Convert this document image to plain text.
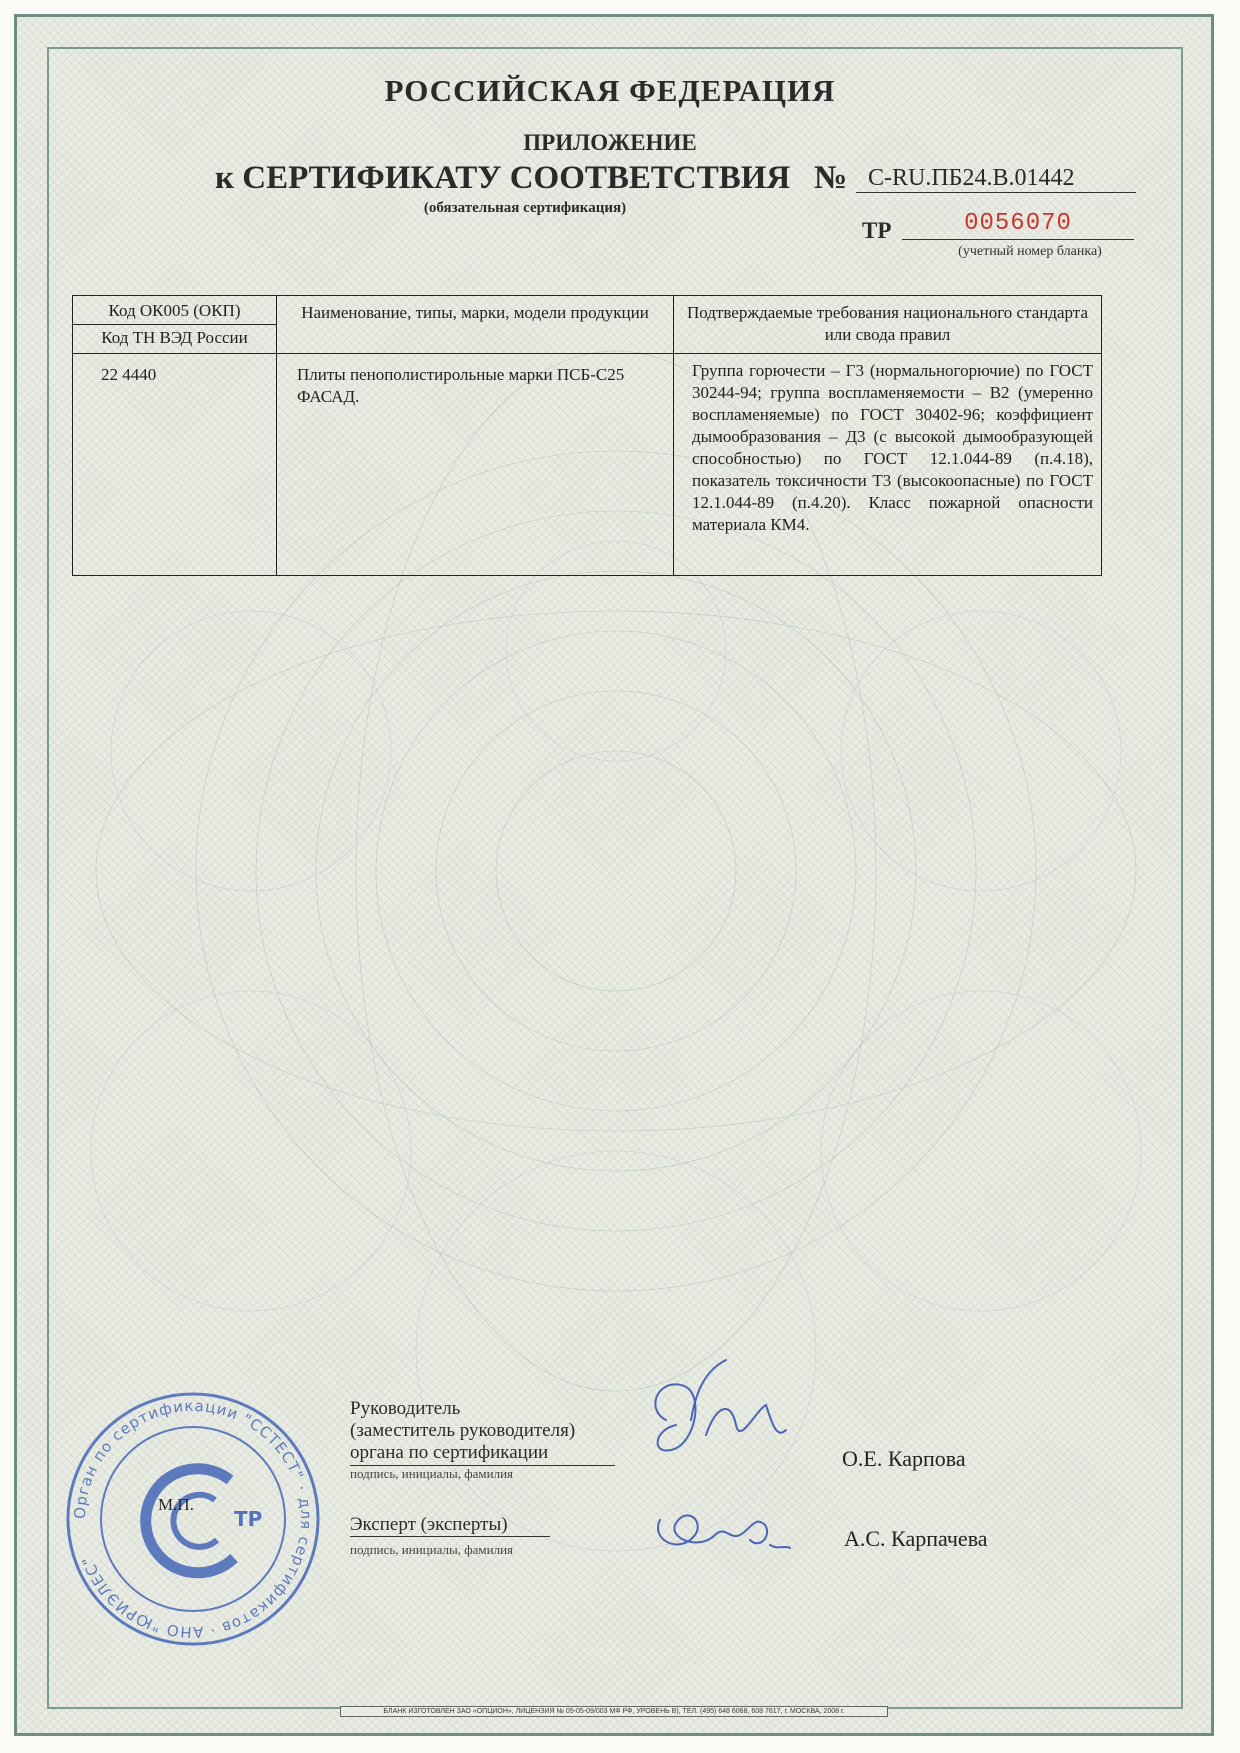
РОССИЙСКАЯ ФЕДЕРАЦИЯ
ПРИЛОЖЕНИЕ
к СЕРТИФИКАТУ СООТВЕТСТВИЯ № C-RU.ПБ24.В.01442
(обязательная сертификация)
ТР	0056070
(учетный номер бланка)
Код ОК005 (ОКП)
Код ТН ВЭД России	Наименование, типы, марки, модели продукции	Подтверждаемые требования национального стандарта или свода правил
22 4440	Плиты пенополистирольные марки ПСБ-С25 ФАСАД.	Группа горючести – Г3 (нормальногорючие) по ГОСТ 30244-94; группа воспламеняемости – В2 (умеренно воспламеняемые) по ГОСТ 30402-96; коэффициент дымообразования – Д3 (с высокой дымообразующей способностью) по ГОСТ 12.1.044-89 (п.4.18), показатель токсичности Т3 (высокоопасные) по ГОСТ 12.1.044-89 (п.4.20). Класс пожарной опасности материала КМ4.
Орган по сертификации "ССТЕСТ" · для сертификатов · АНО "ЮРИЭЛЕС"
ТР
М.П.
Руководитель
(заместитель руководителя)
органа по сертификации
подпись, инициалы, фамилия
О.Е. Карпова
Эксперт (эксперты)
подпись, инициалы, фамилия	А.С. Карпачева
БЛАНК ИЗГОТОВЛЕН ЗАО «ОПЦИОН», ЛИЦЕНЗИЯ № 05-05-09/003 МФ РФ, УРОВЕНЬ В), ТЕЛ. (495) 648 6068, 608 7617, г. МОСКВА, 2008 г.
